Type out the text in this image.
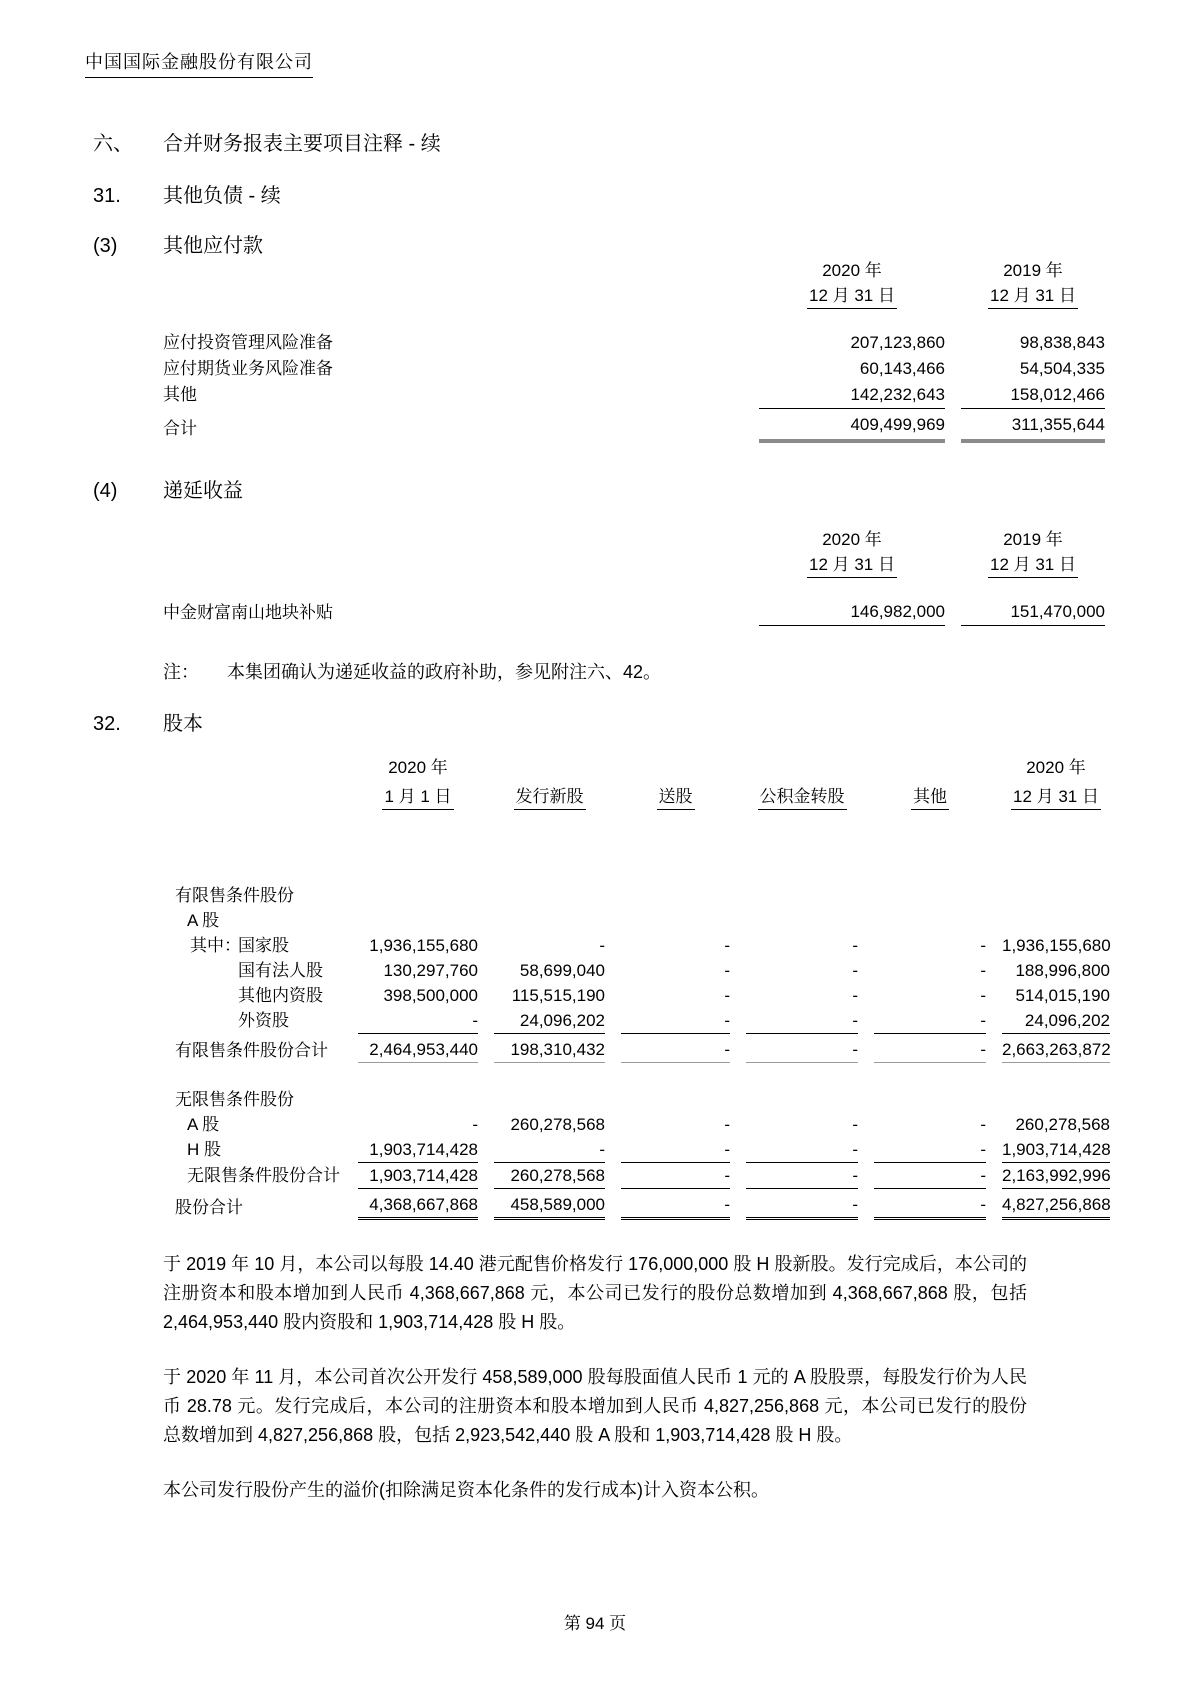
中国国际金融股份有限公司
六、	合并财务报表主要项目注释 - 续
31.	其他负债 - 续
(3)	其他应付款

2020 年
12 月 31 日

2019 年
12 月 31 日

应付投资管理风险准备	207,123,860	98,838,843
应付期货业务风险准备	60,143,466	54,504,335
其他	142,232,643	158,012,466
合计	409,499,969	311,355,644
(4)	递延收益

2020 年
12 月 31 日

2019 年
12 月 31 日

中金财富南山地块补贴	146,982,000	151,470,000
注：	本集团确认为递延收益的政府补助，参见附注六、42。
32.	股本
	2020 年					2020 年
	1 月 1 日	发行新股	送股	公积金转股	其他	12 月 31 日

有限售条件股份						
A 股						
其中：国家股	1,936,155,680	-	-	-	-	1,936,155,680
国有法人股	130,297,760	58,699,040	-	-	-	188,996,800
其他内资股	398,500,000	115,515,190	-	-	-	514,015,190
外资股	-	24,096,202	-	-	-	24,096,202
有限售条件股份合计	2,464,953,440	198,310,432	-	-	-	2,663,263,872

无限售条件股份						
A 股	-	260,278,568	-	-	-	260,278,568
H 股	1,903,714,428	-	-	-	-	1,903,714,428
无限售条件股份合计	1,903,714,428	260,278,568	-	-	-	2,163,992,996
股份合计	4,368,667,868	458,589,000	-	-	-	4,827,256,868
于 2019 年 10 月，本公司以每股 14.40 港元配售价格发行 176,000,000 股 H 股新股。发行完成后，本公司的注册资本和股本增加到人民币 4,368,667,868 元，本公司已发行的股份总数增加到 4,368,667,868 股，包括 2,464,953,440 股内资股和 1,903,714,428 股 H 股。
于 2020 年 11 月，本公司首次公开发行 458,589,000 股每股面值人民币 1 元的 A 股股票，每股发行价为人民币 28.78 元。发行完成后，本公司的注册资本和股本增加到人民币 4,827,256,868 元，本公司已发行的股份总数增加到 4,827,256,868 股，包括 2,923,542,440 股 A 股和 1,903,714,428 股 H 股。
本公司发行股份产生的溢价(扣除满足资本化条件的发行成本)计入资本公积。
第 94 页
